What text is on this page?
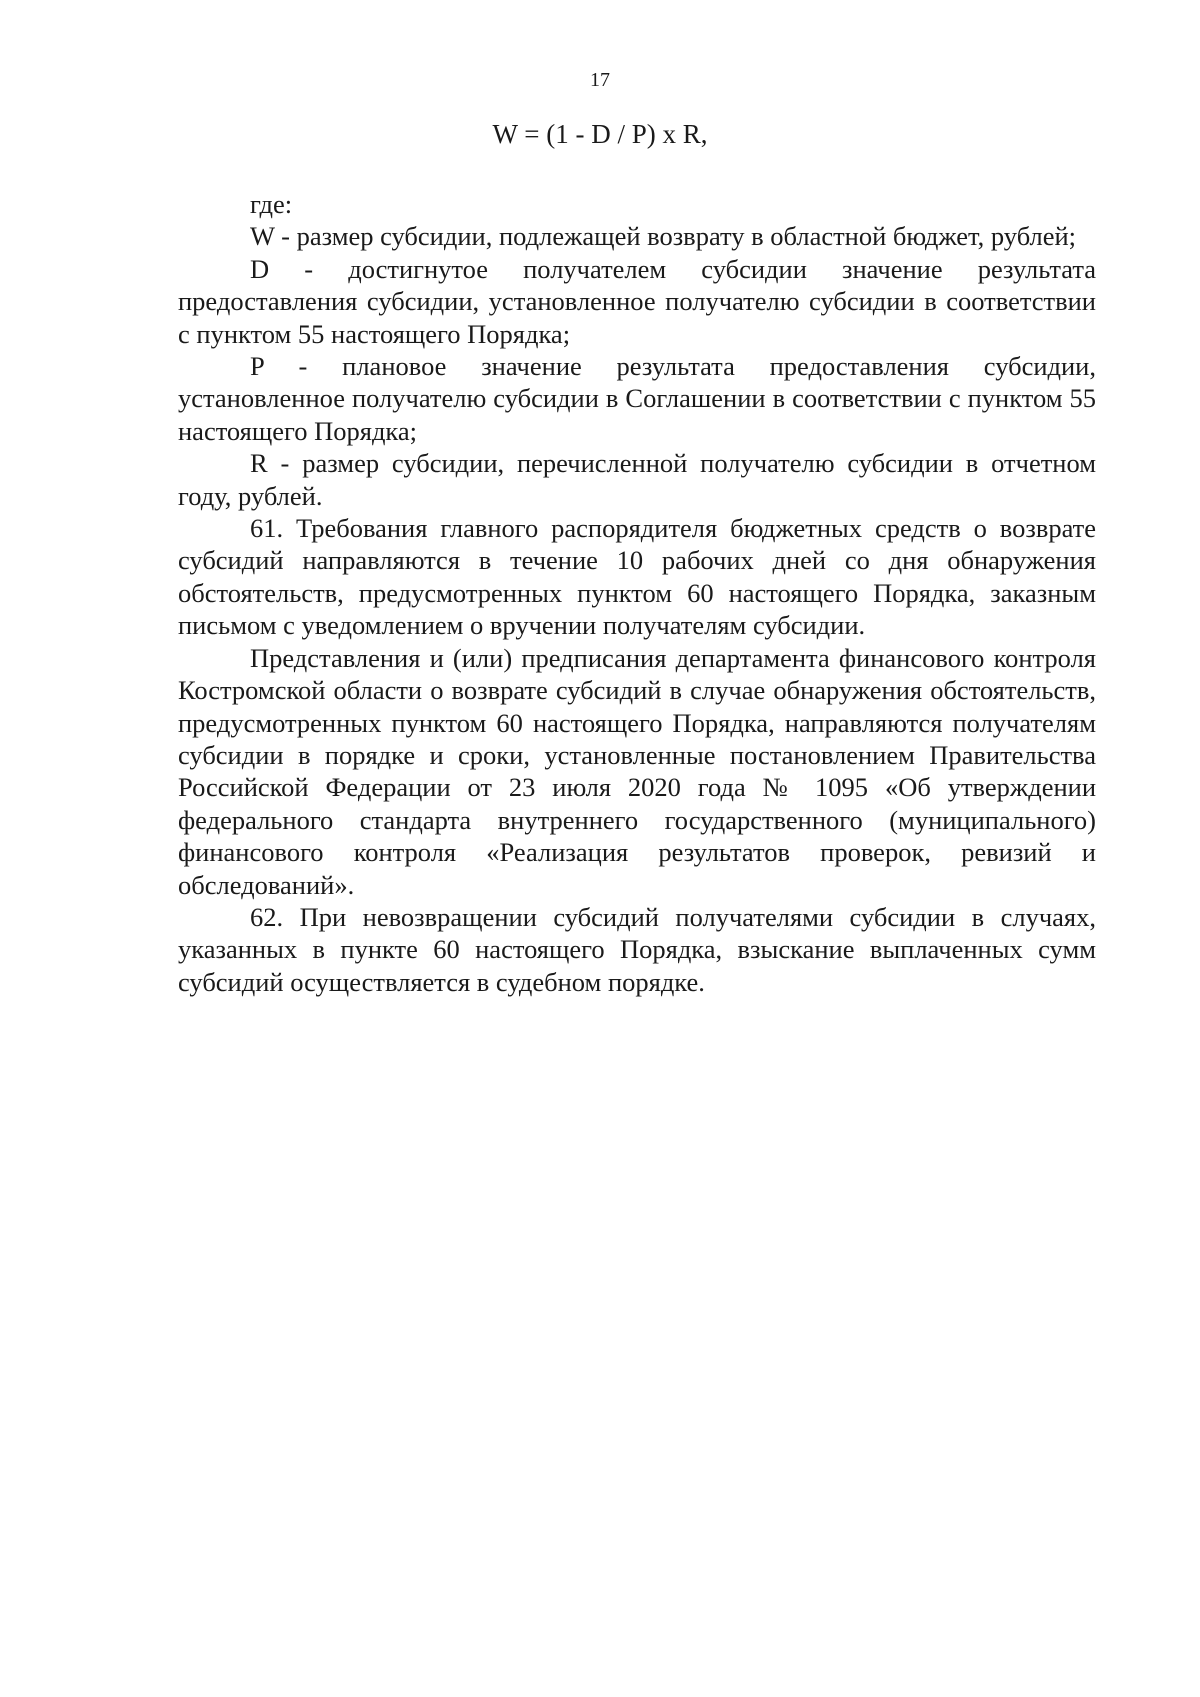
17
W = (1 - D / P) x R,

где:

W - размер субсидии, подлежащей возврату в областной бюджет, рублей;

D - достигнутое получателем субсидии значение результата предоставления субсидии, установленное получателю субсидии в соответствии с пунктом 55 настоящего Порядка;

P - плановое значение результата предоставления субсидии, установленное получателю субсидии в Соглашении в соответствии с пунктом 55 настоящего Порядка;

R - размер субсидии, перечисленной получателю субсидии в отчетном году, рублей.

61. Требования главного распорядителя бюджетных средств о возврате субсидий направляются в течение 10 рабочих дней со дня обнаружения обстоятельств, предусмотренных пунктом 60 настоящего Порядка, заказным письмом с уведомлением о вручении получателям субсидии.

Представления и (или) предписания департамента финансового контроля Костромской области о возврате субсидий в случае обнаружения обстоятельств, предусмотренных пунктом 60 настоящего Порядка, направляются получателям субсидии в порядке и сроки, установленные постановлением Правительства Российской Федерации от 23 июля 2020 года № 1095 «Об утверждении федерального стандарта внутреннего государственного (муниципального) финансового контроля «Реализация результатов проверок, ревизий и обследований».

62. При невозвращении субсидий получателями субсидии в случаях, указанных в пункте 60 настоящего Порядка, взыскание выплаченных сумм субсидий осуществляется в судебном порядке.
